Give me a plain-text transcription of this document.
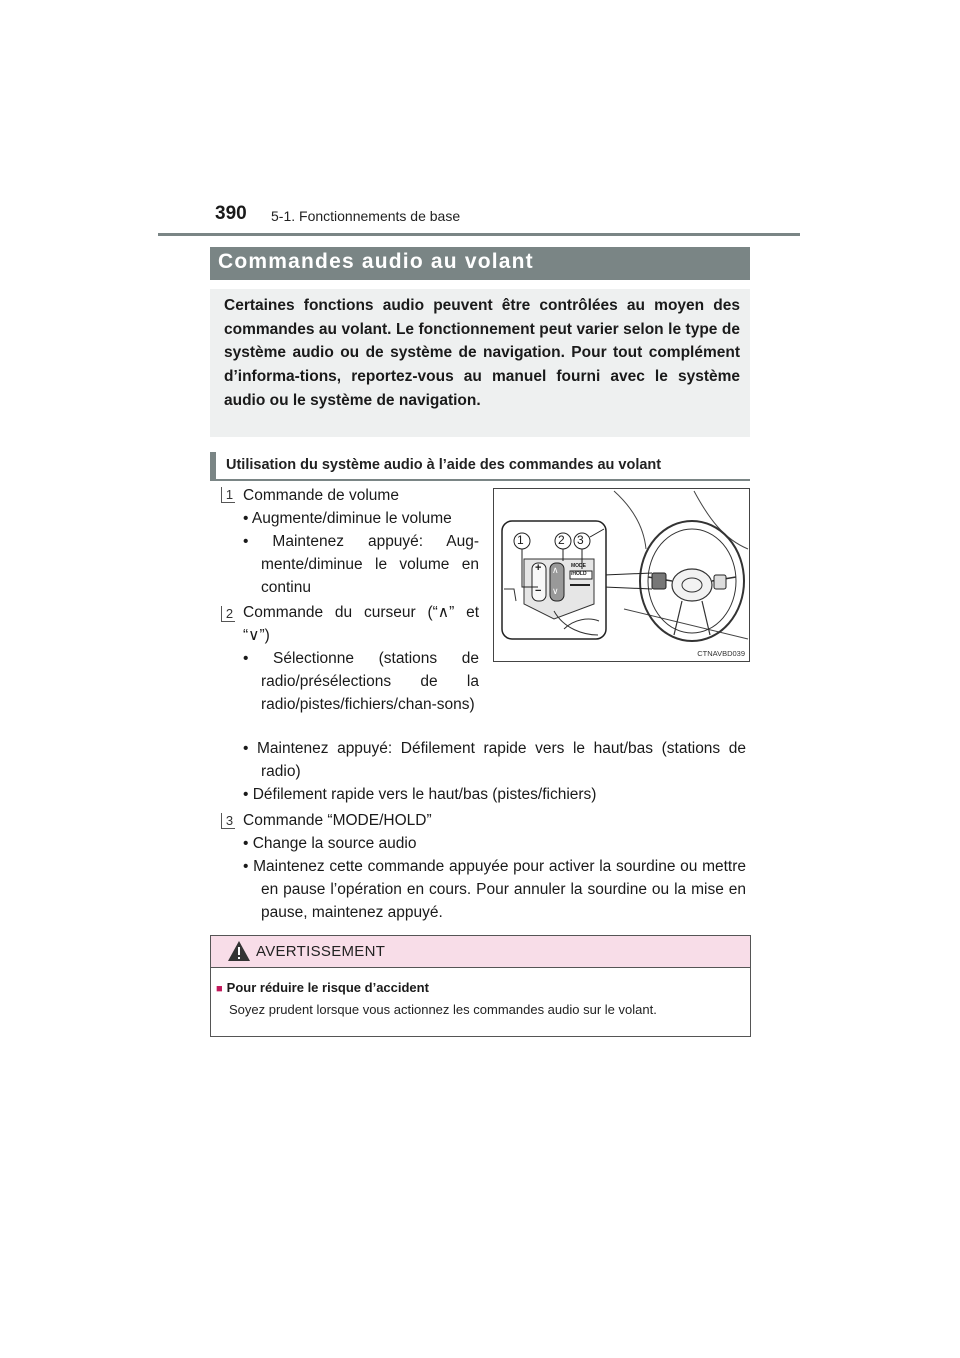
390 5-1. Fonctionnements de base
Commandes audio au volant

Certaines fonctions audio peuvent être contrôlées au moyen des commandes au volant. Le fonctionnement peut varier selon le type de système audio ou de système de navigation. Pour tout complément d’informa-tions, reportez-vous au manuel fourni avec le système audio ou le système de navigation.

Utilisation du système audio à l’aide des commandes au volant
1 Commande de volume
• Augmente/diminue le volume
• Maintenez appuyé: Aug-mente/diminue le volume en continu
2 Commande du curseur (“∧” et “∨”)
• Sélectionne (stations de radio/présélections de la radio/pistes/fichiers/chan-sons)
• Maintenez appuyé: Défilement rapide vers le haut/bas (stations de radio)
• Défilement rapide vers le haut/bas (pistes/fichiers)
3 Commande “MODE/HOLD”
• Change la source audio
• Maintenez cette commande appuyée pour activer la sourdine ou mettre en pause l’opération en cours. Pour annuler la sourdine ou la mise en pause, maintenez appuyé.
1	2 3
+
−
∧
∨
MODE
/HOLD
CTNAVBD039
AVERTISSEMENT
■ Pour réduire le risque d’accident
Soyez prudent lorsque vous actionnez les commandes audio sur le volant.
